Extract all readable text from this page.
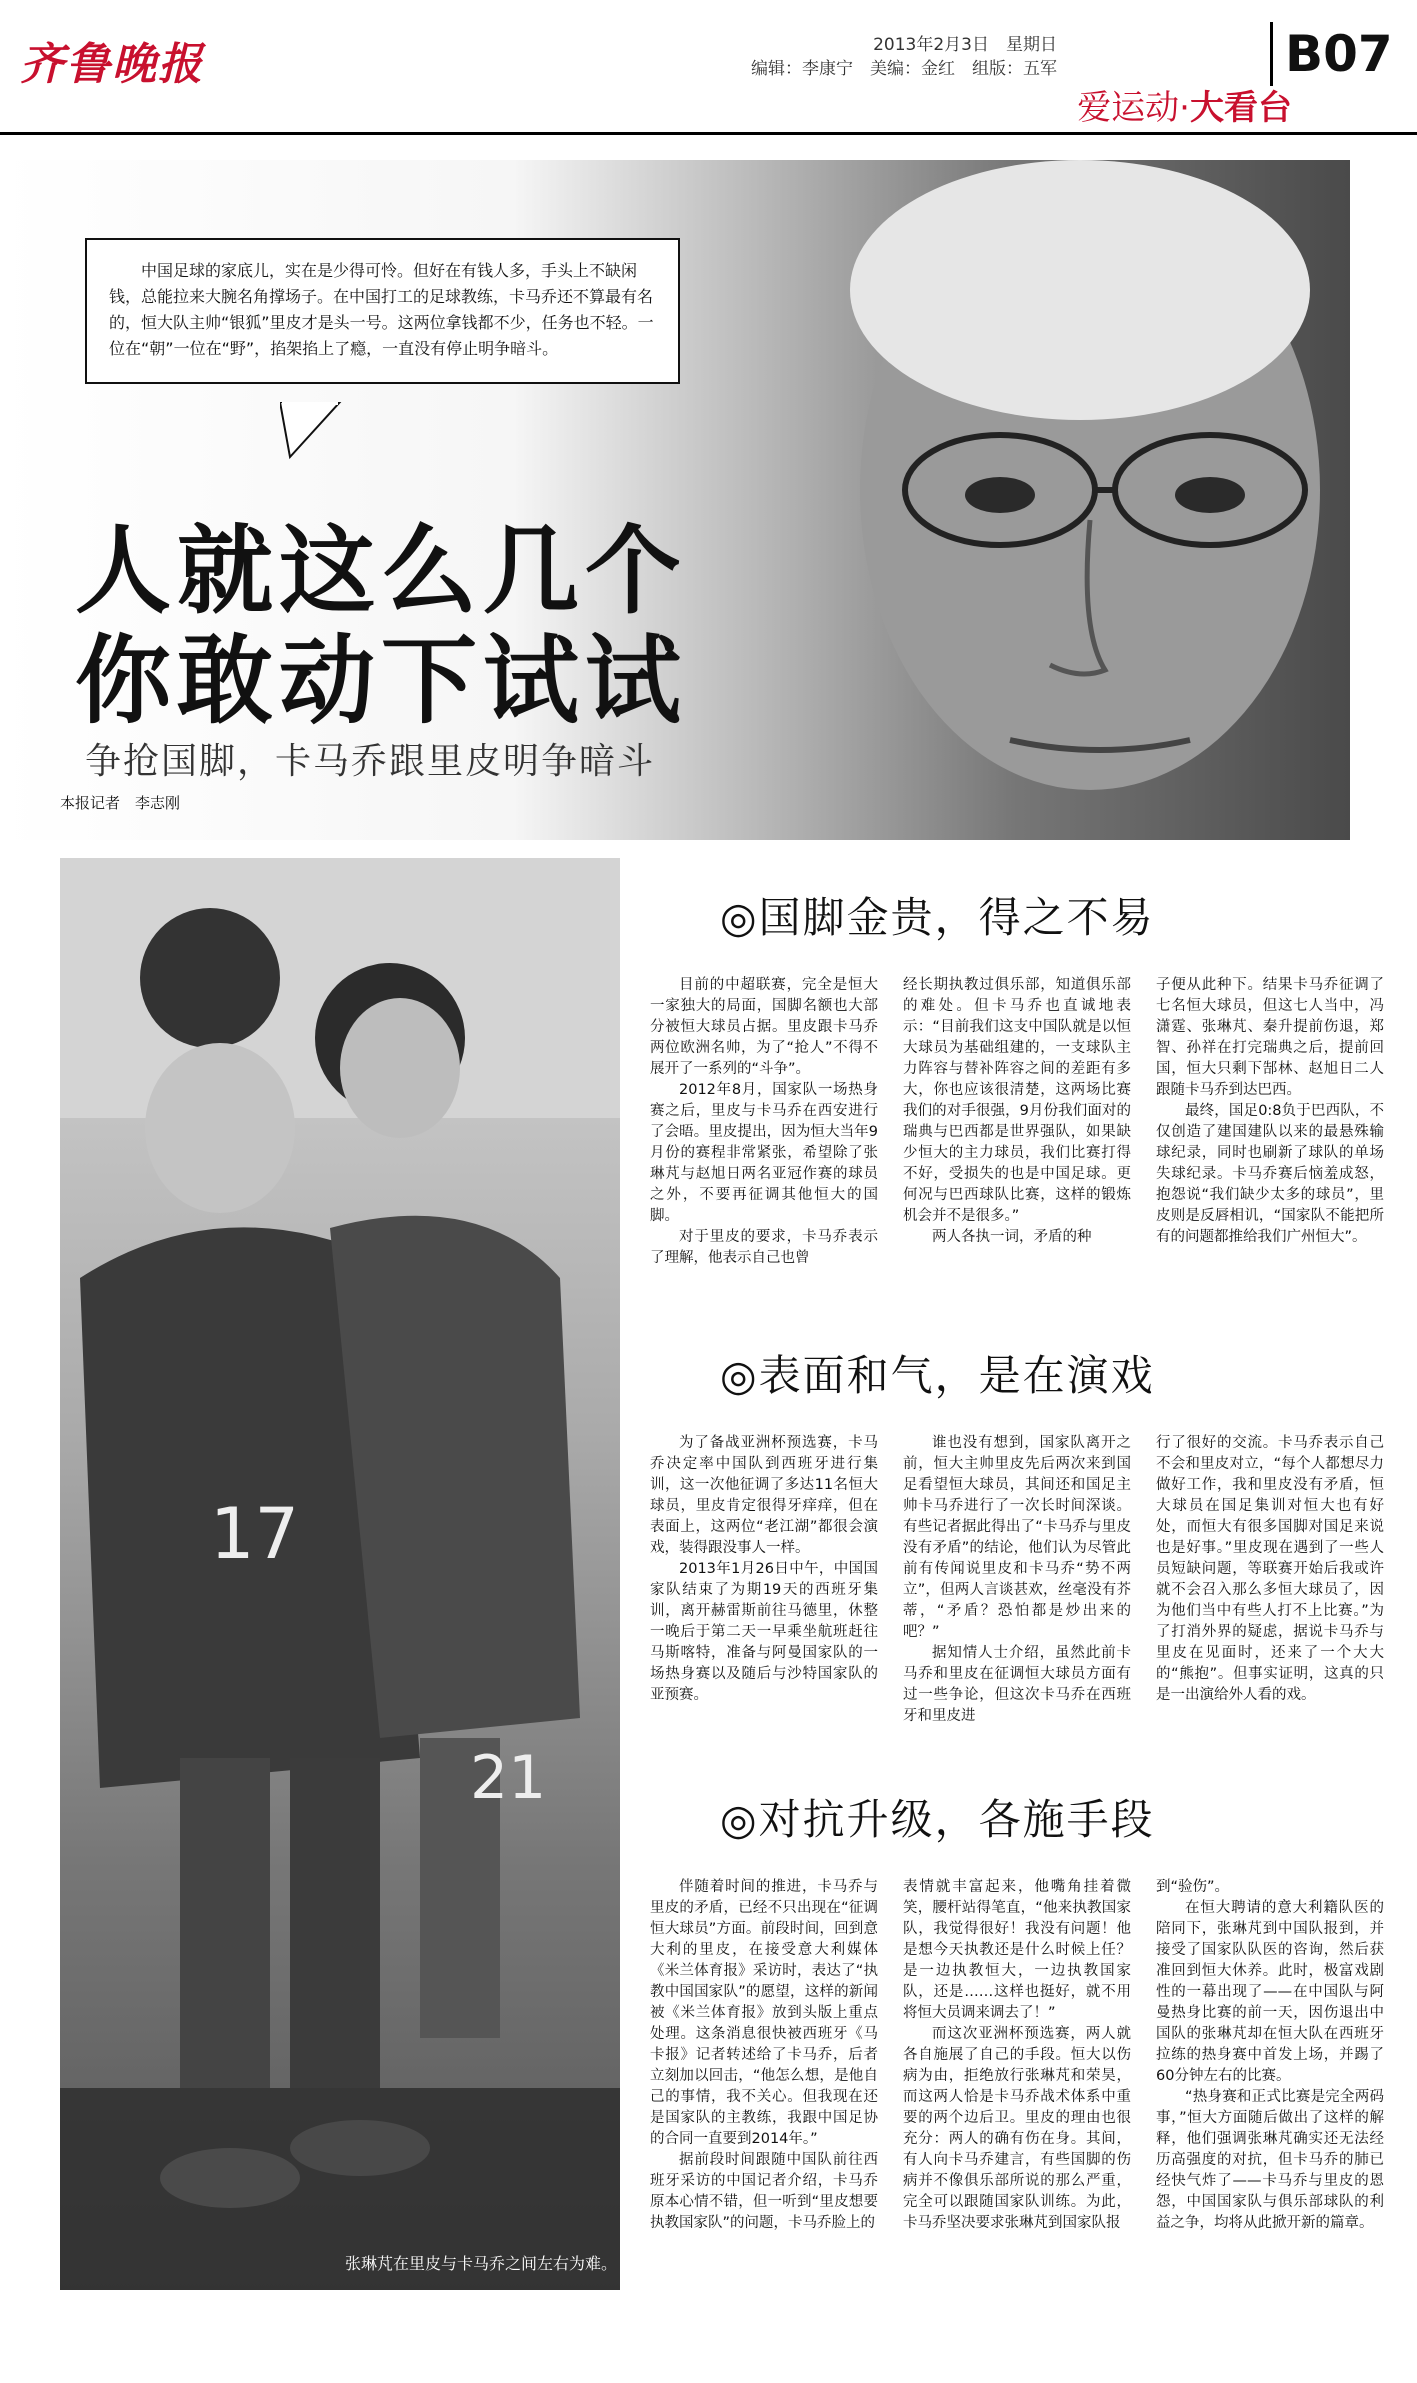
齐鲁晚报	2013年2月3日　星期日
编辑：李康宁　美编：金红　组版：五军	B07
爱运动·大看台
中国足球的家底儿，实在是少得可怜。但好在有钱人多，手头上不缺闲钱，总能拉来大腕名角撑场子。在中国打工的足球教练，卡马乔还不算最有名的，恒大队主帅“银狐”里皮才是头一号。这两位拿钱都不少，任务也不轻。一位在“朝”一位在“野”，掐架掐上了瘾，一直没有停止明争暗斗。
人就这么几个
你敢动下试试
争抢国脚，卡马乔跟里皮明争暗斗
本报记者　李志刚
17
21
张琳芃在里皮与卡马乔之间左右为难。
◎国脚金贵，得之不易

目前的中超联赛，完全是恒大一家独大的局面，国脚名额也大部分被恒大球员占据。里皮跟卡马乔两位欧洲名帅，为了“抢人”不得不展开了一系列的“斗争”。

2012年8月，国家队一场热身赛之后，里皮与卡马乔在西安进行了会晤。里皮提出，因为恒大当年9月份的赛程非常紧张，希望除了张琳芃与赵旭日两名亚冠作赛的球员之外，不要再征调其他恒大的国脚。

对于里皮的要求，卡马乔表示了理解，他表示自己也曾

经长期执教过俱乐部，知道俱乐部的难处。但卡马乔也直诚地表示：“目前我们这支中国队就是以恒大球员为基础组建的，一支球队主力阵容与替补阵容之间的差距有多大，你也应该很清楚，这两场比赛我们的对手很强，9月份我们面对的瑞典与巴西都是世界强队，如果缺少恒大的主力球员，我们比赛打得不好，受损失的也是中国足球。更何况与巴西球队比赛，这样的锻炼机会并不是很多。”

两人各执一词，矛盾的种

子便从此种下。结果卡马乔征调了七名恒大球员，但这七人当中，冯潇霆、张琳芃、秦升提前伤退，郑智、孙祥在打完瑞典之后，提前回国，恒大只剩下郜林、赵旭日二人跟随卡马乔到达巴西。

最终，国足0:8负于巴西队，不仅创造了建国建队以来的最悬殊输球纪录，同时也刷新了球队的单场失球纪录。卡马乔赛后恼羞成怒，抱怨说“我们缺少太多的球员”，里皮则是反唇相讥，“国家队不能把所有的问题都推给我们广州恒大”。

◎表面和气，是在演戏

为了备战亚洲杯预选赛，卡马乔决定率中国队到西班牙进行集训，这一次他征调了多达11名恒大球员，里皮肯定很得牙痒痒，但在表面上，这两位“老江湖”都很会演戏，装得跟没事人一样。

2013年1月26日中午，中国国家队结束了为期19天的西班牙集训，离开赫雷斯前往马德里，休整一晚后于第二天一早乘坐航班赶往马斯喀特，准备与阿曼国家队的一场热身赛以及随后与沙特国家队的亚预赛。

谁也没有想到，国家队离开之前，恒大主帅里皮先后两次来到国足看望恒大球员，其间还和国足主帅卡马乔进行了一次长时间深谈。有些记者据此得出了“卡马乔与里皮没有矛盾”的结论，他们认为尽管此前有传闻说里皮和卡马乔“势不两立”，但两人言谈甚欢，丝毫没有芥蒂，“矛盾？恐怕都是炒出来的吧？”

据知情人士介绍，虽然此前卡马乔和里皮在征调恒大球员方面有过一些争论，但这次卡马乔在西班牙和里皮进

行了很好的交流。卡马乔表示自己不会和里皮对立，“每个人都想尽力做好工作，我和里皮没有矛盾，恒大球员在国足集训对恒大也有好处，而恒大有很多国脚对国足来说也是好事。”里皮现在遇到了一些人员短缺问题，等联赛开始后我或许就不会召入那么多恒大球员了，因为他们当中有些人打不上比赛。”为了打消外界的疑虑，据说卡马乔与里皮在见面时，还来了一个大大的“熊抱”。但事实证明，这真的只是一出演给外人看的戏。

◎对抗升级，各施手段

伴随着时间的推进，卡马乔与里皮的矛盾，已经不只出现在“征调恒大球员”方面。前段时间，回到意大利的里皮，在接受意大利媒体《米兰体育报》采访时，表达了“执教中国国家队”的愿望，这样的新闻被《米兰体育报》放到头版上重点处理。这条消息很快被西班牙《马卡报》记者转述给了卡马乔，后者立刻加以回击，“他怎么想，是他自己的事情，我不关心。但我现在还是国家队的主教练，我跟中国足协的合同一直要到2014年。”

据前段时间跟随中国队前往西班牙采访的中国记者介绍，卡马乔原本心情不错，但一听到“里皮想要执教国家队”的问题，卡马乔脸上的

表情就丰富起来，他嘴角挂着微笑，腰杆站得笔直，“他来执教国家队，我觉得很好！我没有问题！他是想今天执教还是什么时候上任？是一边执教恒大，一边执教国家队，还是……这样也挺好，就不用将恒大员调来调去了！”

而这次亚洲杯预选赛，两人就各自施展了自己的手段。恒大以伤病为由，拒绝放行张琳芃和荣昊，而这两人恰是卡马乔战术体系中重要的两个边后卫。里皮的理由也很充分：两人的确有伤在身。其间，有人向卡马乔建言，有些国脚的伤病并不像俱乐部所说的那么严重，完全可以跟随国家队训练。为此，卡马乔坚决要求张琳芃到国家队报

到“验伤”。

在恒大聘请的意大利籍队医的陪同下，张琳芃到中国队报到，并接受了国家队队医的咨询，然后获准回到恒大休养。此时，极富戏剧性的一幕出现了——在中国队与阿曼热身比赛的前一天，因伤退出中国队的张琳芃却在恒大队在西班牙拉练的热身赛中首发上场，并踢了60分钟左右的比赛。

“热身赛和正式比赛是完全两码事，”恒大方面随后做出了这样的解释，他们强调张琳芃确实还无法经历高强度的对抗，但卡马乔的肺已经快气炸了——卡马乔与里皮的恩怨，中国国家队与俱乐部球队的利益之争，均将从此掀开新的篇章。
